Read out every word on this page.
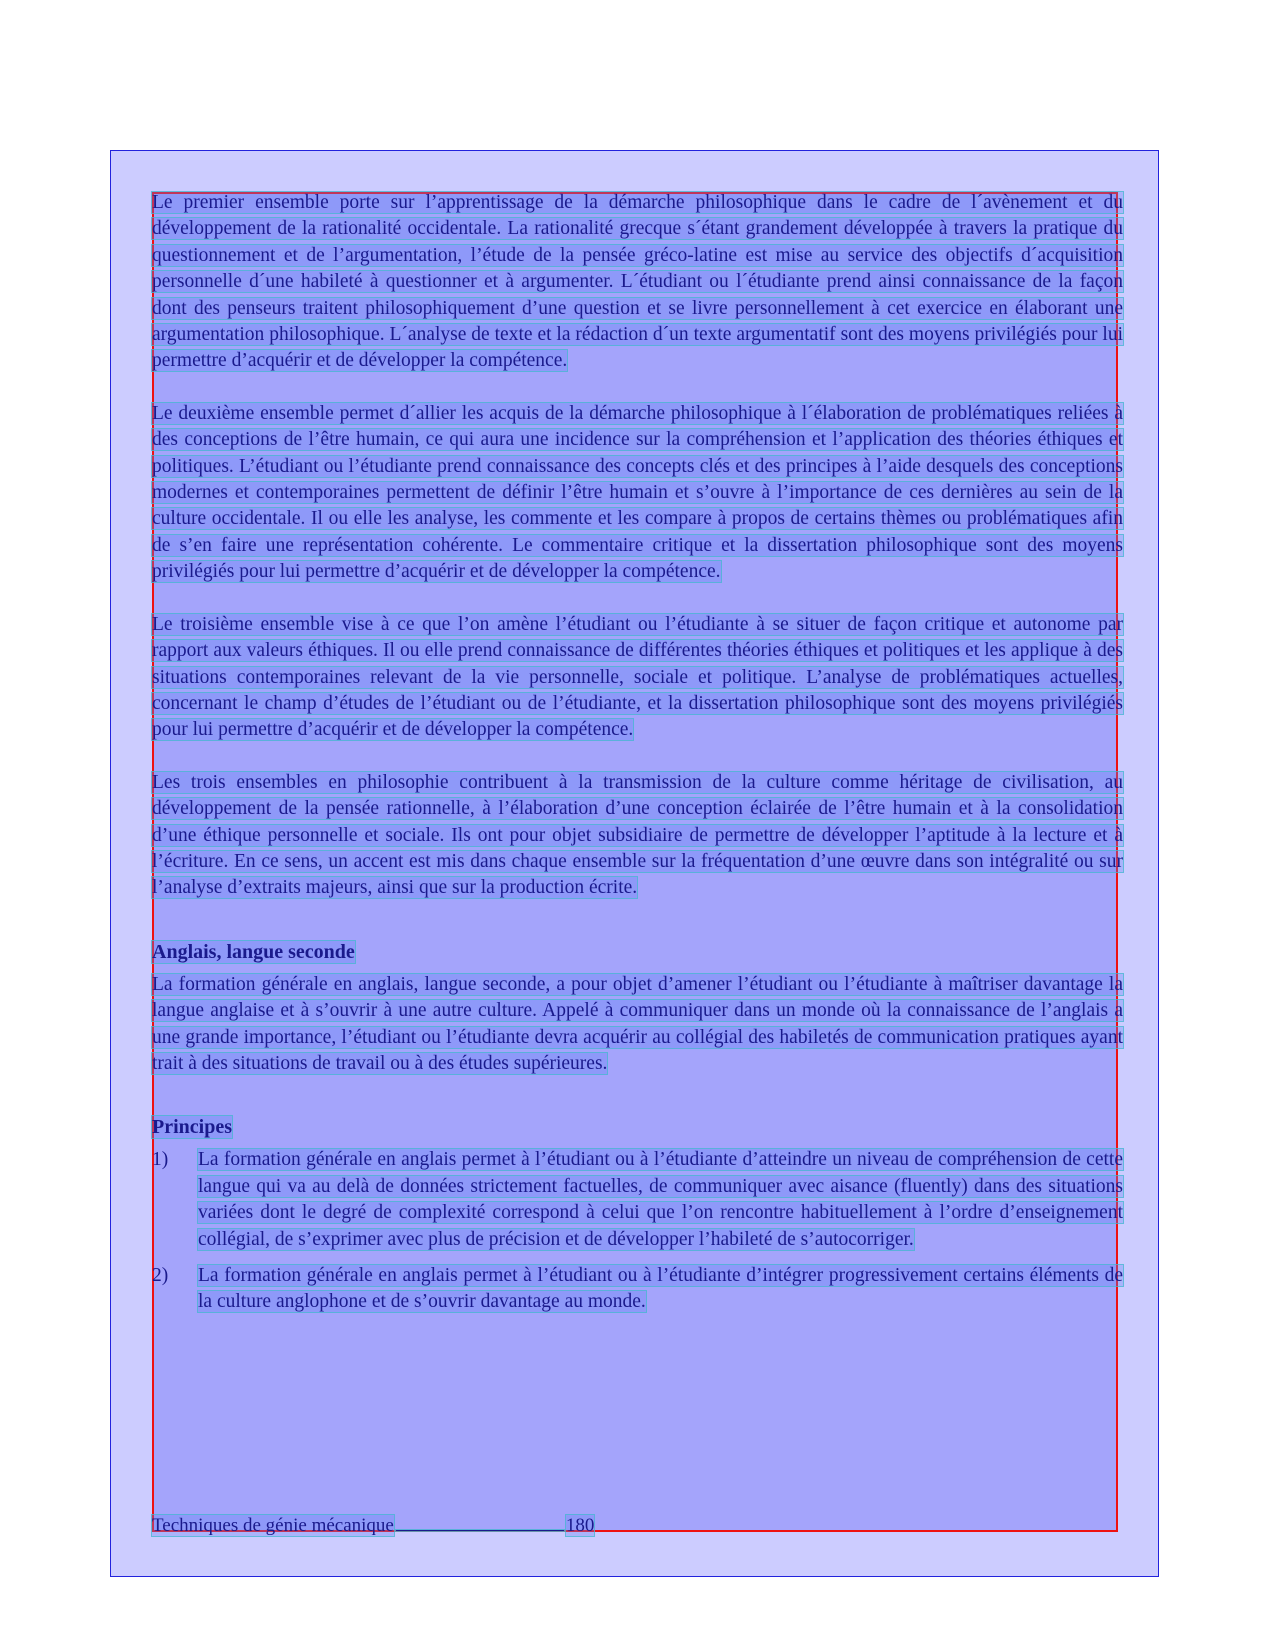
Le premier ensemble porte sur l’apprentissage de la démarche philosophique dans le cadre de l´avènement et du développement de la rationalité occidentale. La rationalité grecque s´étant grandement développée à travers la pratique du questionnement et de l’argumentation, l’étude de la pensée gréco-latine est mise au service des objectifs d´acquisition personnelle d´une habileté à questionner et à argumenter. L´étudiant ou l´étudiante prend ainsi connaissance de la façon dont des penseurs traitent philosophiquement d’une question et se livre personnellement à cet exercice en élaborant une argumentation philosophique. L´analyse de texte et la rédaction d´un texte argumentatif sont des moyens privilégiés pour lui permettre d’acquérir et de développer la compétence.

Le deuxième ensemble permet d´allier les acquis de la démarche philosophique à l´élaboration de problématiques reliées à des conceptions de l’être humain, ce qui aura une incidence sur la compréhension et l’application des théories éthiques et politiques. L’étudiant ou l’étudiante prend connaissance des concepts clés et des principes à l’aide desquels des conceptions modernes et contemporaines permettent de définir l’être humain et s’ouvre à l’importance de ces dernières au sein de la culture occidentale. Il ou elle les analyse, les commente et les compare à propos de certains thèmes ou problématiques afin de s’en faire une représentation cohérente. Le commentaire critique et la dissertation philosophique sont des moyens privilégiés pour lui permettre d’acquérir et de développer la compétence.

Le troisième ensemble vise à ce que l’on amène l’étudiant ou l’étudiante à se situer de façon critique et autonome par rapport aux valeurs éthiques. Il ou elle prend connaissance de différentes théories éthiques et politiques et les applique à des situations contemporaines relevant de la vie personnelle, sociale et politique. L’analyse de problématiques actuelles, concernant le champ d’études de l’étudiant ou de l’étudiante, et la dissertation philosophique sont des moyens privilégiés pour lui permettre d’acquérir et de développer la compétence.

Les trois ensembles en philosophie contribuent à la transmission de la culture comme héritage de civilisation, au développement de la pensée rationnelle, à l’élaboration d’une conception éclairée de l’être humain et à la consolidation d’une éthique personnelle et sociale. Ils ont pour objet subsidiaire de permettre de développer l’aptitude à la lecture et à l’écriture. En ce sens, un accent est mis dans chaque ensemble sur la fréquentation d’une œuvre dans son intégralité ou sur l’analyse d’extraits majeurs, ainsi que sur la production écrite.

Anglais, langue seconde

La formation générale en anglais, langue seconde, a pour objet d’amener l’étudiant ou l’étudiante à maîtriser davantage la langue anglaise et à s’ouvrir à une autre culture. Appelé à communiquer dans un monde où la connaissance de l’anglais a une grande importance, l’étudiant ou l’étudiante devra acquérir au collégial des habiletés de communication pratiques ayant trait à des situations de travail ou à des études supérieures.

Principes
1)	La formation générale en anglais permet à l’étudiant ou à l’étudiante d’atteindre un niveau de compréhension de cette langue qui va au delà de données strictement factuelles, de communiquer avec aisance (fluently) dans des situations variées dont le degré de complexité correspond à celui que l’on rencontre habituellement à l’ordre d’enseignement collégial, de s’exprimer avec plus de précision et de développer l’habileté de s’autocorriger.
2)	La formation générale en anglais permet à l’étudiant ou à l’étudiante d’intégrer progressivement certains éléments de la culture anglophone et de s’ouvrir davantage au monde.
Techniques de génie mécanique	180
